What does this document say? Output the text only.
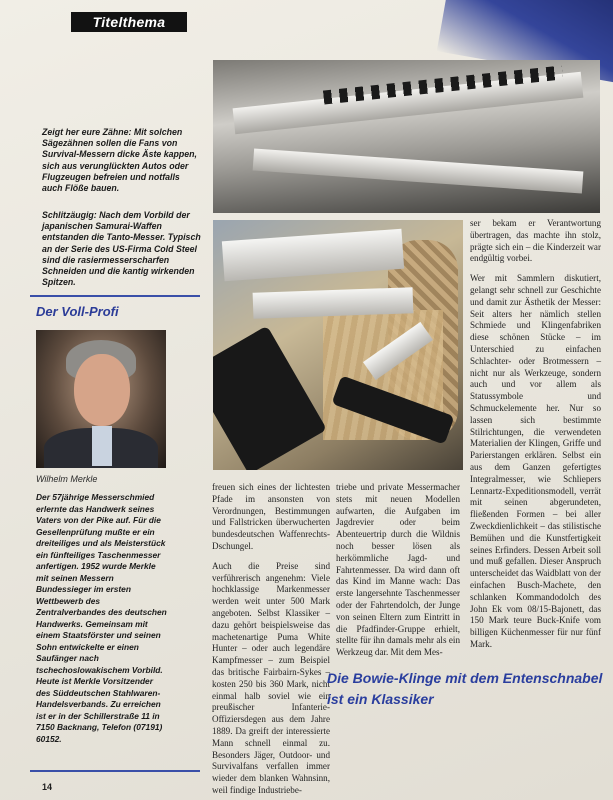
Titelthema
Zeigt her eure Zähne: Mit solchen Sägezähnen sollen die Fans von Survival-Messern dicke Äste kappen, sich aus verunglückten Autos oder Flugzeugen befreien und notfalls auch Flöße bauen.
Schlitzäugig: Nach dem Vorbild der japanischen Samurai-Waffen entstanden die Tanto-Messer. Typisch an der Serie des US-Firma Cold Steel sind die rasiermesserscharfen Schneiden und die kantig wirkenden Spitzen.
Der Voll-Profi
Wilhelm Merkle
Der 57jährige Messerschmied erlernte das Handwerk seines Vaters von der Pike auf. Für die Gesellenprüfung mußte er ein dreiteiliges und als Meisterstück ein fünfteiliges Taschenmesser anfertigen. 1952 wurde Merkle mit seinen Messern Bundessieger im ersten Wettbewerb des Zentralverbandes des deutschen Handwerks. Gemeinsam mit einem Staatsförster und seinen Sohn entwickelte er einen Saufänger nach tschechoslowakischem Vorbild. Heute ist Merkle Vorsitzender des Süddeutschen Stahlwaren-Handelsverbands. Zu erreichen ist er in der Schillerstraße 11 in 7150 Backnang, Telefon (07191) 60152.

freuen sich eines der lichtesten Pfade im ansonsten von Verordnungen, Bestimmungen und Fallstricken überwucherten bundesdeutschen Waffenrechts-Dschungel.

Auch die Preise sind verführerisch angenehm: Viele hochklassige Markenmesser werden weit unter 500 Mark angeboten. Selbst Klassiker – dazu gehört beispielsweise das machetenartige Puma White Hunter – oder auch legendäre Kampfmesser – zum Beispiel das britische Fairbairn-Sykes – kosten 250 bis 360 Mark, nicht einmal halb soviel wie ein preußischer Infanterie-Offiziersdegen aus dem Jahre 1889. Da greift der interessierte Mann schnell einmal zu. Besonders Jäger, Outdoor- und Survivalfans verfallen immer wieder dem blanken Wahnsinn, weil findige Industriebe-

triebe und private Messermacher stets mit neuen Modellen aufwarten, die Aufgaben im Jagdrevier oder beim Abenteuertrip durch die Wildnis noch besser lösen als herkömmliche Jagd- und Fahrtenmesser. Da wird dann oft das Kind im Manne wach: Das erste langersehnte Taschenmesser oder der Fahrtendolch, der Junge von seinen Eltern zum Eintritt in die Pfadfinder-Gruppe erhielt, stellte für ihn damals mehr als ein Werkzeug dar. Mit dem Mes-

ser bekam er Verantwortung übertragen, das machte ihn stolz, prägte sich ein – die Kinderzeit war endgültig vorbei.

Wer mit Sammlern diskutiert, gelangt sehr schnell zur Geschichte und damit zur Ästhetik der Messer: Seit alters her nämlich stellen Schmiede und Klingenfabriken diese schönen Stücke – im Unterschied zu einfachen Schlachter- oder Brotmessern – nicht nur als Werkzeuge, sondern auch und vor allem als Statussymbole und Schmuckelemente her. Nur so lassen sich bestimmte Stilrichtungen, die verwendeten Materialien der Klingen, Griffe und Parierstangen erklären. Selbst ein aus dem Ganzen gefertigtes Integralmesser, wie Schliepers Lennartz-Expeditionsmodell, verrät mit seinen abgerundeten, fließenden Formen – bei aller Zweckdienlichkeit – das stilistische Bemühen und die Kunstfertigkeit seines Erfinders. Dessen Arbeit soll und muß gefallen. Dieser Anspruch unterscheidet das Waidblatt von der einfachen Busch-Machete, den schlanken Kommandodolch des John Ek vom 08/15-Bajonett, das 150 Mark teure Buck-Knife vom billigen Küchenmesser für nur fünf Mark.

Die Bowie-Klinge mit dem Entenschnabel ist ein Klassiker
14
